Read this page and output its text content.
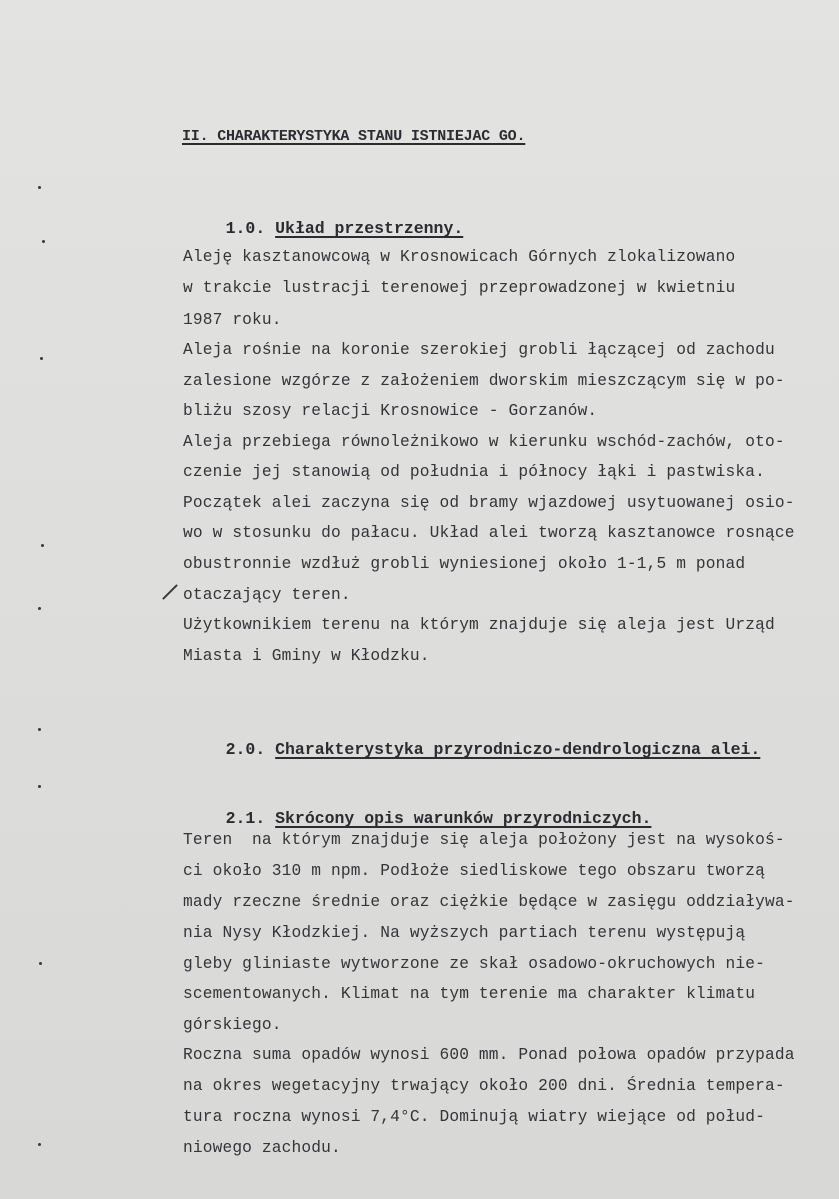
II. CHARAKTERYSTYKA STANU ISTNIEJAC GO.

1.0. Układ przestrzenny.

Aleję kasztanowcową w Krosnowicach Górnych zlokalizowano
w trakcie lustracji terenowej przeprowadzonej w kwietniu
1987 roku.
Aleja rośnie na koronie szerokiej grobli łączącej od zachodu
zalesione wzgórze z założeniem dworskim mieszczącym się w po-
bliżu szosy relacji Krosnowice - Gorzanów.
Aleja przebiega równoleżnikowo w kierunku wschód-zachów, oto-
czenie jej stanowią od południa i północy łąki i pastwiska.
Początek alei zaczyna się od bramy wjazdowej usytuowanej osio-
wo w stosunku do pałacu. Układ alei tworzą kasztanowce rosnące
obustronnie wzdłuż grobli wyniesionej około 1-1,5 m ponad
otaczający teren.
Użytkownikiem terenu na którym znajduje się aleja jest Urząd
Miasta i Gminy w Kłodzku.

2.0. Charakterystyka przyrodniczo-dendrologiczna alei.

2.1. Skrócony opis warunków przyrodniczych.

Teren  na którym znajduje się aleja położony jest na wysokoś-
ci około 310 m npm. Podłoże siedliskowe tego obszaru tworzą
mady rzeczne średnie oraz ciężkie będące w zasięgu oddziaływa-
nia Nysy Kłodzkiej. Na wyższych partiach terenu występują
gleby gliniaste wytworzone ze skał osadowo-okruchowych nie-
scementowanych. Klimat na tym terenie ma charakter klimatu
górskiego.
Roczna suma opadów wynosi 600 mm. Ponad połowa opadów przypada
na okres wegetacyjny trwający około 200 dni. Średnia tempera-
tura roczna wynosi 7,4°C. Dominują wiatry wiejące od połud-
niowego zachodu.
